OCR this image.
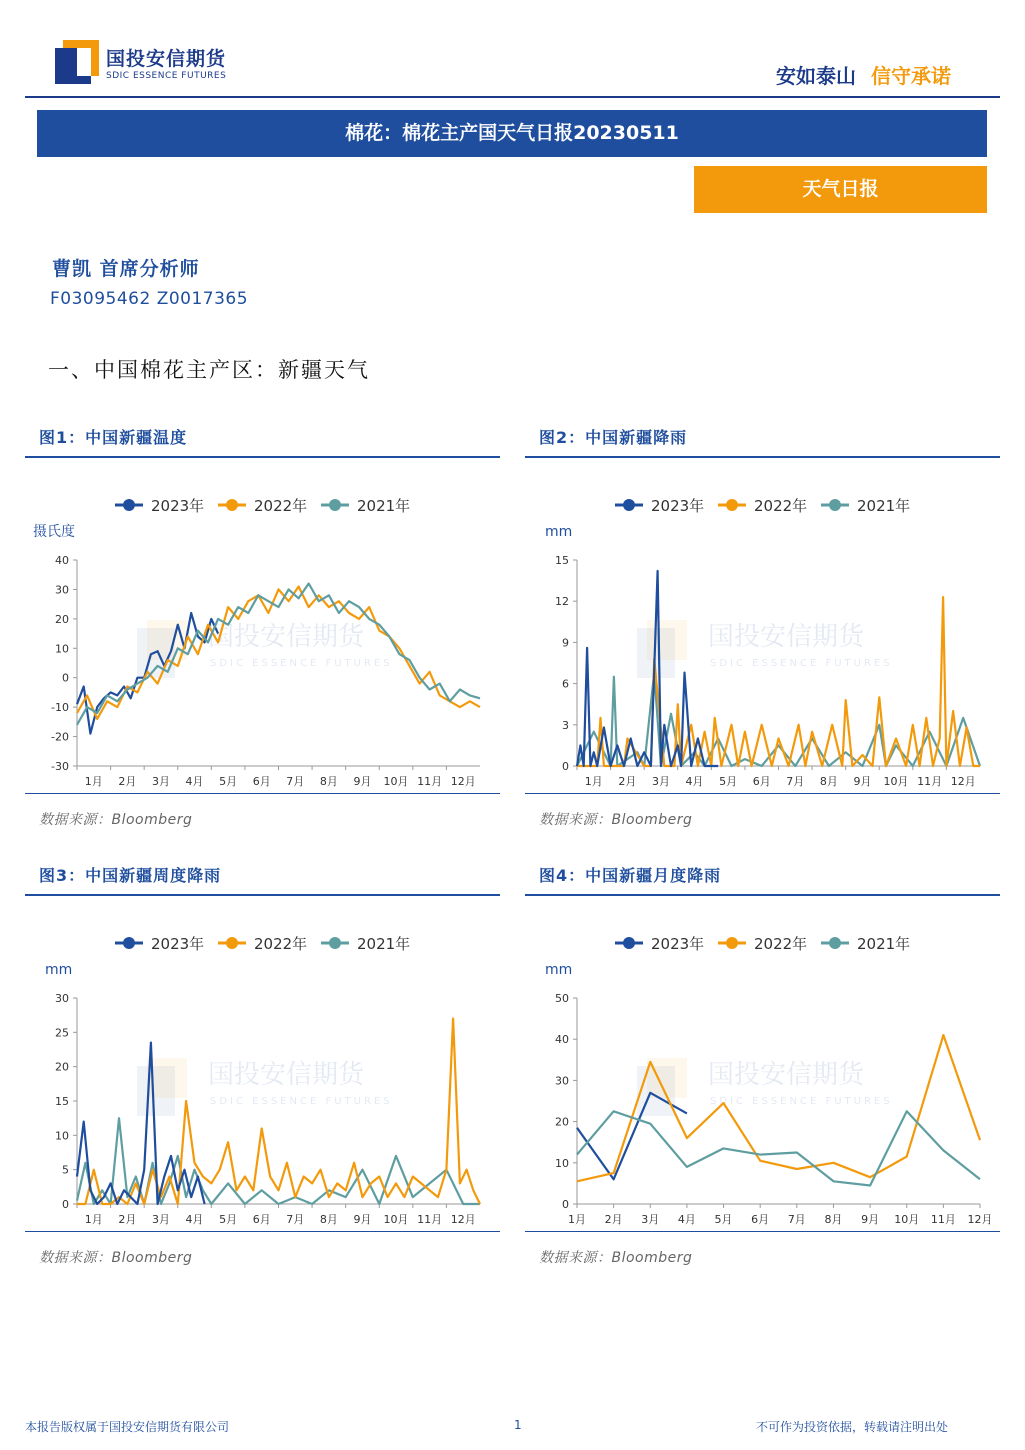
国投安信期货
SDIC ESSENCE FUTURES	安如泰山 信守承诺
棉花：棉花主产国天气日报20230511
天气日报
曹凯 首席分析师
F03095462 Z0017365
一、中国棉花主产区：新疆天气
图1：中国新疆温度
2023年	2022年	2021年
摄氏度
国投安信期货
SDIC ESSENCE FUTURES
-30
-20
-10
0
10
20
30
40
1月 2月 3月 4月 5月 6月 7月 8月 9月 10月 11月 12月
数据来源：Bloomberg
图2：中国新疆降雨
2023年	2022年	2021年
mm
国投安信期货
SDIC ESSENCE FUTURES
0
3
6
9
12
15
1月 2月 3月 4月 5月 6月 7月 8月 9月 10月 11月 12月
数据来源：Bloomberg
图3：中国新疆周度降雨
2023年	2022年	2021年
mm
国投安信期货
SDIC ESSENCE FUTURES
0
5
10
15
20
25
30
1月 2月 3月 4月 5月 6月 7月 8月 9月 10月 11月 12月
数据来源：Bloomberg
图4：中国新疆月度降雨
2023年	2022年	2021年
mm
国投安信期货
SDIC ESSENCE FUTURES
0
10
20
30
40
50
1月 2月 3月 4月 5月 6月 7月 8月 9月 10月 11月 12月
数据来源：Bloomberg
本报告版权属于国投安信期货有限公司	1	不可作为投资依据，转载请注明出处
